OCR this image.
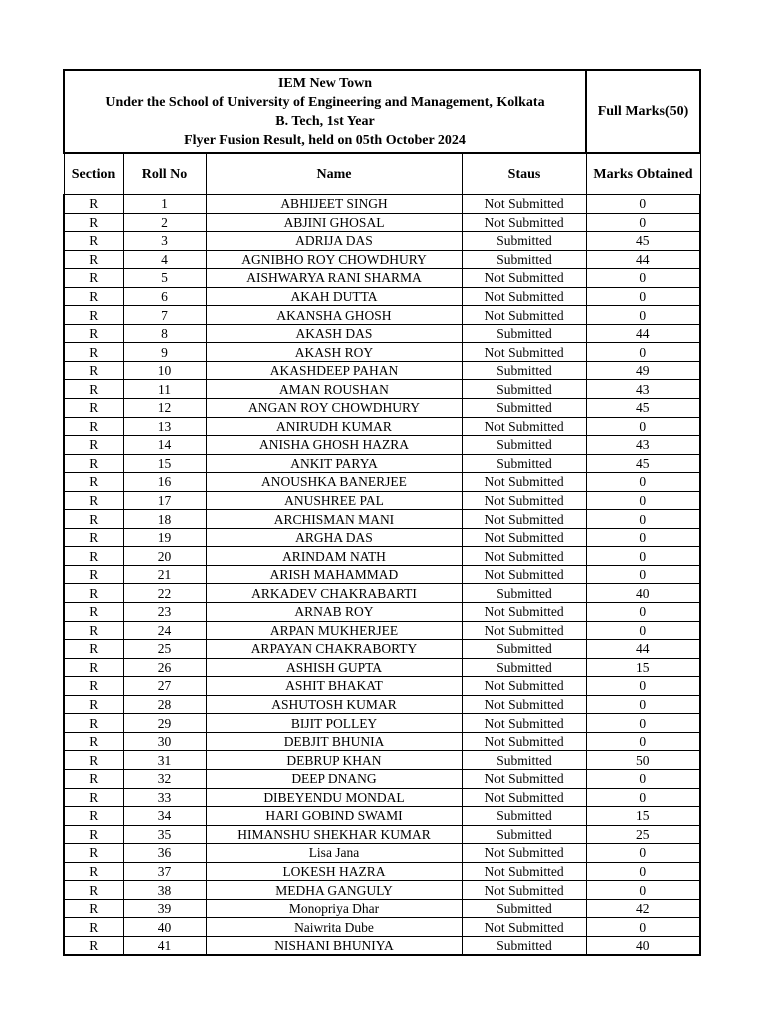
IEM New Town
Under the School of University of Engineering and Management, Kolkata
B. Tech, 1st Year
Flyer Fusion Result, held on 05th October 2024				Full Marks(50)
Section	Roll No	Name	Staus	Marks Obtained
R	1	ABHIJEET SINGH	Not Submitted	0
R	2	ABJINI GHOSAL	Not Submitted	0
R	3	ADRIJA DAS	Submitted	45
R	4	AGNIBHO ROY CHOWDHURY	Submitted	44
R	5	AISHWARYA RANI SHARMA	Not Submitted	0
R	6	AKAH DUTTA	Not Submitted	0
R	7	AKANSHA GHOSH	Not Submitted	0
R	8	AKASH DAS	Submitted	44
R	9	AKASH ROY	Not Submitted	0
R	10	AKASHDEEP PAHAN	Submitted	49
R	11	AMAN ROUSHAN	Submitted	43
R	12	ANGAN ROY CHOWDHURY	Submitted	45
R	13	ANIRUDH KUMAR	Not Submitted	0
R	14	ANISHA GHOSH HAZRA	Submitted	43
R	15	ANKIT PARYA	Submitted	45
R	16	ANOUSHKA BANERJEE	Not Submitted	0
R	17	ANUSHREE PAL	Not Submitted	0
R	18	ARCHISMAN MANI	Not Submitted	0
R	19	ARGHA DAS	Not Submitted	0
R	20	ARINDAM NATH	Not Submitted	0
R	21	ARISH MAHAMMAD	Not Submitted	0
R	22	ARKADEV CHAKRABARTI	Submitted	40
R	23	ARNAB ROY	Not Submitted	0
R	24	ARPAN MUKHERJEE	Not Submitted	0
R	25	ARPAYAN CHAKRABORTY	Submitted	44
R	26	ASHISH GUPTA	Submitted	15
R	27	ASHIT BHAKAT	Not Submitted	0
R	28	ASHUTOSH KUMAR	Not Submitted	0
R	29	BIJIT POLLEY	Not Submitted	0
R	30	DEBJIT BHUNIA	Not Submitted	0
R	31	DEBRUP KHAN	Submitted	50
R	32	DEEP DNANG	Not Submitted	0
R	33	DIBEYENDU MONDAL	Not Submitted	0
R	34	HARI GOBIND SWAMI	Submitted	15
R	35	HIMANSHU SHEKHAR KUMAR	Submitted	25
R	36	Lisa Jana	Not Submitted	0
R	37	LOKESH HAZRA	Not Submitted	0
R	38	MEDHA GANGULY	Not Submitted	0
R	39	Monopriya Dhar	Submitted	42
R	40	Naiwrita Dube	Not Submitted	0
R	41	NISHANI BHUNIYA	Submitted	40
